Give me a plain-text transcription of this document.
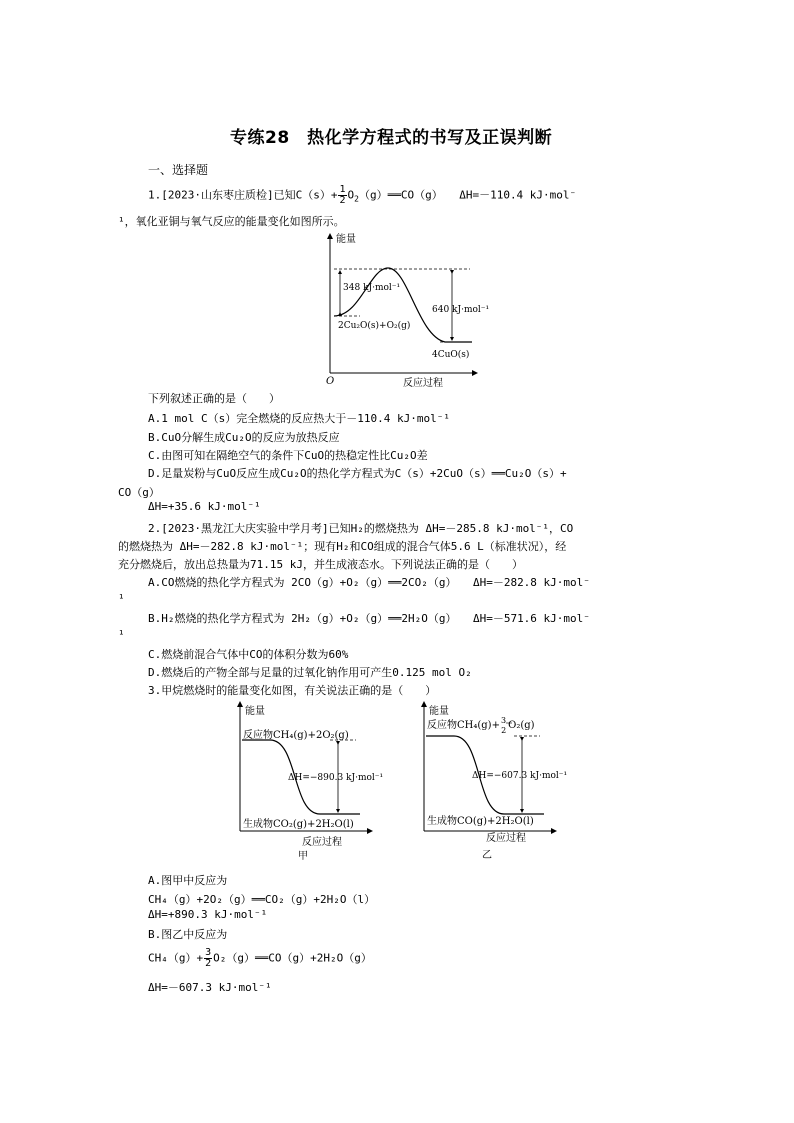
专练28　热化学方程式的书写及正误判断
一、选择题
1.[2023·山东枣庄质检]已知$C(s)+ \frac{1}{2}$ $O_2(g)══CO(g)$　　ΔH=－110.4 kJ·mol⁻
¹，氧化亚铜与氧气反应的能量变化如图所示。
能量
O	反应过程
348 kJ·mol⁻¹
640 kJ·mol⁻¹
2Cu₂O(s)+O₂(g)
4CuO(s)
下列叙述正确的是（　　）
A.1 mol C（s）完全燃烧的反应热大于－110.4 kJ·mol⁻¹
B.CuO分解生成Cu₂O的反应为放热反应
C.由图可知在隔绝空气的条件下CuO的热稳定性比Cu₂O差
D.足量炭粉与CuO反应生成Cu₂O的热化学方程式为C（s）+2CuO（s）══Cu₂O（s）+
CO（g）
ΔH=+35.6 kJ·mol⁻¹
2.[2023·黑龙江大庆实验中学月考]已知H₂的燃烧热为 ΔH=－285.8 kJ·mol⁻¹，CO
的燃烧热为 ΔH=－282.8 kJ·mol⁻¹；现有H₂和CO组成的混合气体5.6 L（标准状况），经
充分燃烧后，放出总热量为71.15 kJ，并生成液态水。下列说法正确的是（　　）
A.CO燃烧的热化学方程式为 2CO（g）+O₂（g）══2CO₂（g）　　ΔH=－282.8 kJ·mol⁻
¹
B.H₂燃烧的热化学方程式为 2H₂（g）+O₂（g）══2H₂O（g）　　ΔH=－571.6 kJ·mol⁻
¹
C.燃烧前混合气体中CO的体积分数为60%
D.燃烧后的产物全部与足量的过氧化钠作用可产生0.125 mol O₂
3.甲烷燃烧时的能量变化如图，有关说法正确的是（　　）
能量
反应物CH₄(g)+2O₂(g)
ΔH=−890.3 kJ·mol⁻¹
生成物CO₂(g)+2H₂O(l)
反应过程
甲
能量
反应物CH₄(g)+$^3$ 2 O₂(g)
ΔH=−607.3 kJ·mol⁻¹
生成物CO(g)+2H₂O(l)
反应过程
乙
A.图甲中反应为
CH₄（g）+2O₂（g）══CO₂（g）+2H₂O（l）
ΔH=+890.3 kJ·mol⁻¹
B.图乙中反应为
$CH_4(g)+ \frac{3}{2}$ O₂（g）══CO（g）+2H₂O（g）
ΔH=－607.3 kJ·mol⁻¹
